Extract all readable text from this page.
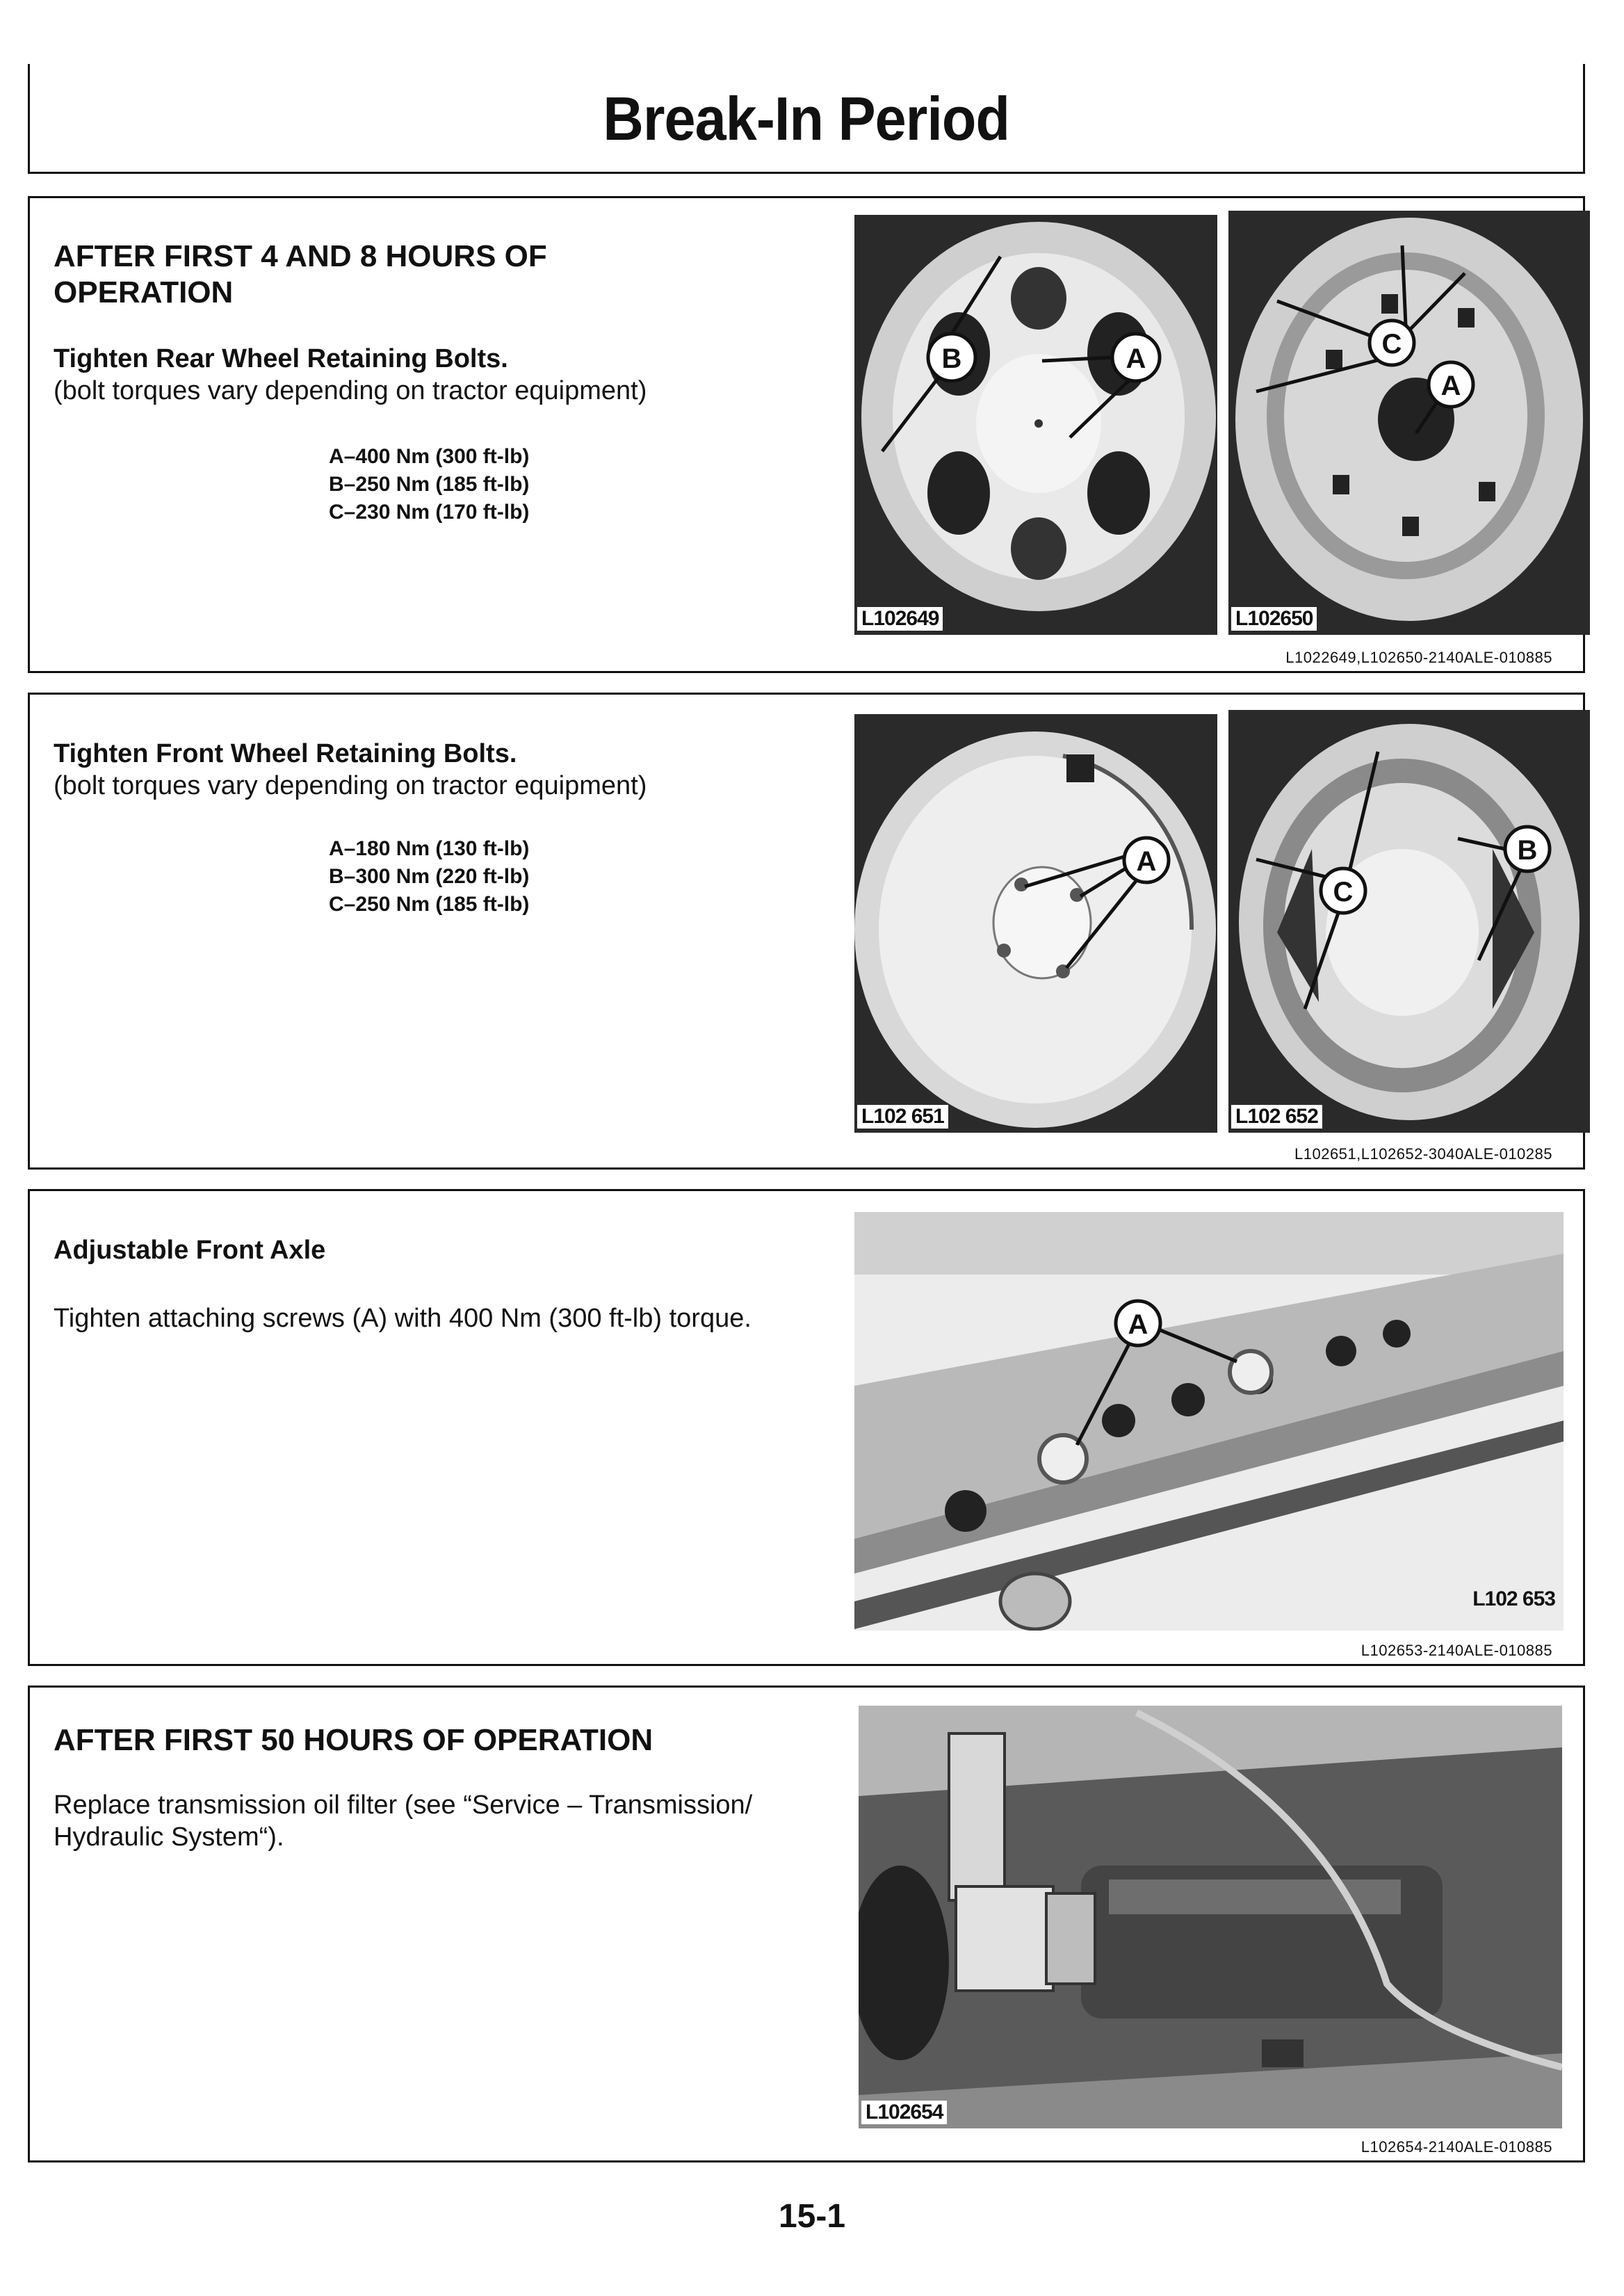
Break-In Period

AFTER FIRST 4 AND 8 HOURS OF OPERATION

Tighten Rear Wheel Retaining Bolts.

(bolt torques vary depending on tractor equipment)

A–400 Nm (300 ft-lb)
B–250 Nm (185 ft-lb)
C–230 Nm (170 ft-lb)
B	A
L102649
C
A
L102650
L1022649,L102650-2140ALE-010885

Tighten Front Wheel Retaining Bolts.

(bolt torques vary depending on tractor equipment)

A–180 Nm (130 ft-lb)
B–300 Nm (220 ft-lb)
C–250 Nm (185 ft-lb)
A
L102 651
B
C
L102 652
L102651,L102652-3040ALE-010285

Adjustable Front Axle

Tighten attaching screws (A) with 400 Nm (300 ft-lb) torque.	A
L102 653
L102653-2140ALE-010885

AFTER FIRST 50 HOURS OF OPERATION

Replace transmission oil filter (see “Service – Transmission/ Hydraulic System“).

L102654
L102654-2140ALE-010885
15-1
